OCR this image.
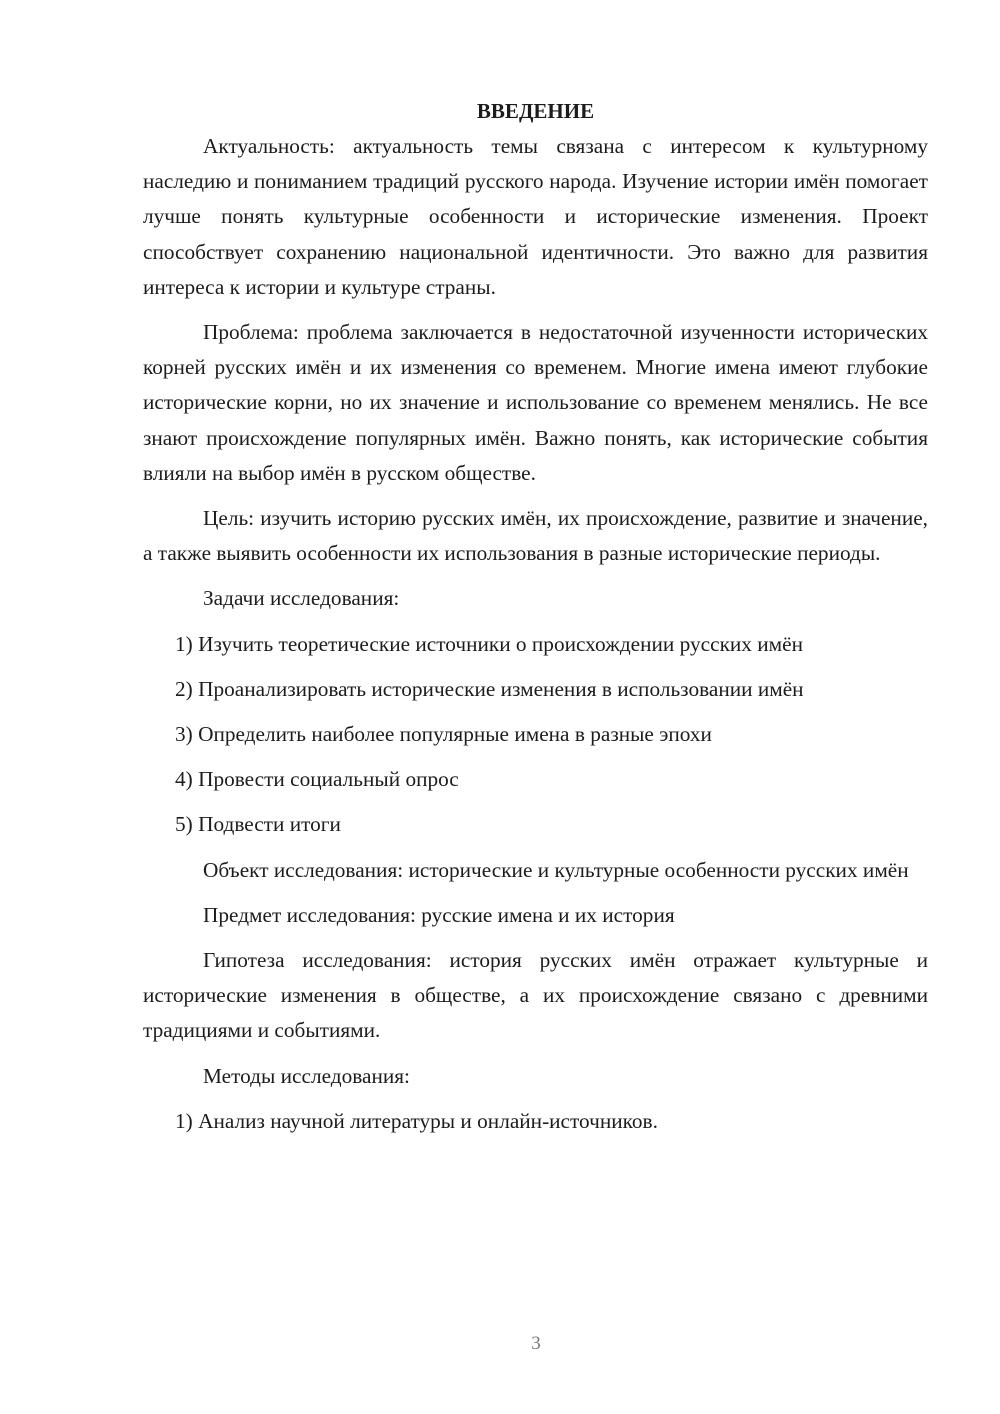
ВВЕДЕНИЕ

Актуальность: актуальность темы связана с интересом к культурному наследию и пониманием традиций русского народа. Изучение истории имён помогает лучше понять культурные особенности и исторические изменения. Проект способствует сохранению национальной идентичности. Это важно для развития интереса к истории и культуре страны.

Проблема: проблема заключается в недостаточной изученности исторических корней русских имён и их изменения со временем. Многие имена имеют глубокие исторические корни, но их значение и использование со временем менялись. Не все знают происхождение популярных имён. Важно понять, как исторические события влияли на выбор имён в русском обществе.

Цель: изучить историю русских имён, их происхождение, развитие и значение, а также выявить особенности их использования в разные исторические периоды.

Задачи исследования:

1) Изучить теоретические источники о происхождении русских имён
2) Проанализировать исторические изменения в использовании имён
3) Определить наиболее популярные имена в разные эпохи
4) Провести социальный опрос
5) Подвести итоги

Объект исследования: исторические и культурные особенности русских имён

Предмет исследования: русские имена и их история

Гипотеза исследования: история русских имён отражает культурные и исторические изменения в обществе, а их происхождение связано с древними традициями и событиями.

Методы исследования:

1) Анализ научной литературы и онлайн-источников.
3
